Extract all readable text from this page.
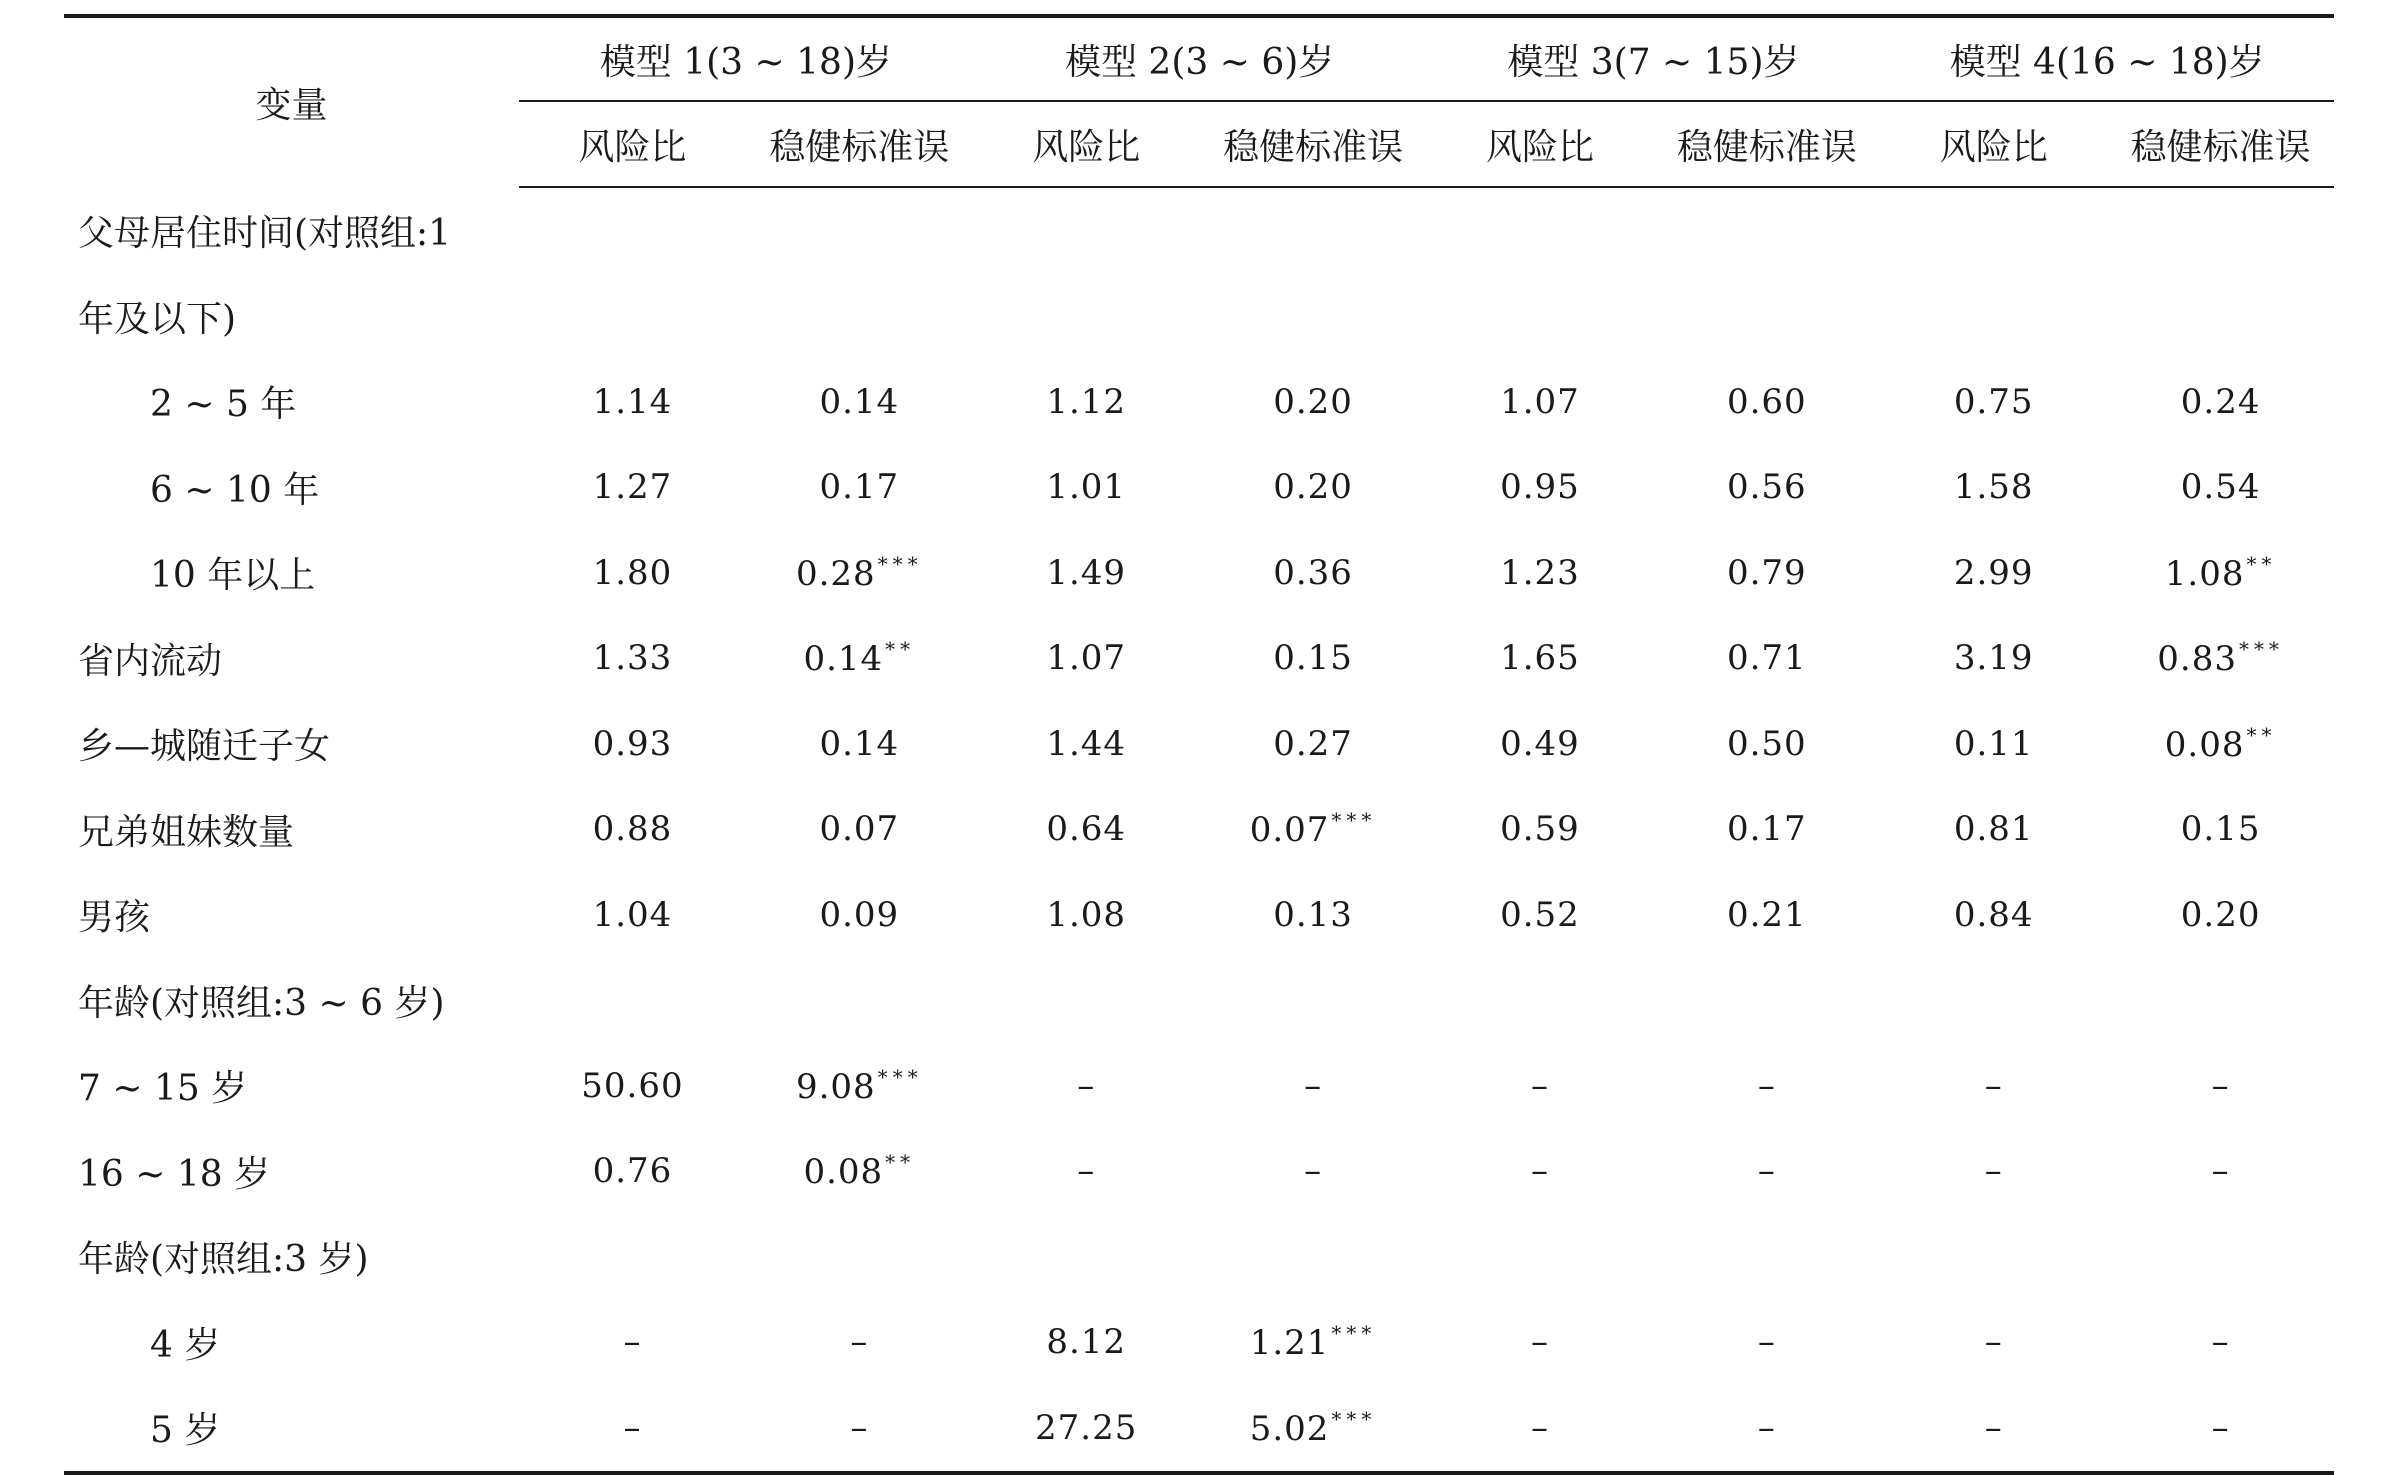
变量	模型 1(3 ~ 18)岁		模型 2(3 ~ 6)岁		模型 3(7 ~ 15)岁		模型 4(16 ~ 18)岁	
	风险比	稳健标准误	风险比	稳健标准误	风险比	稳健标准误	风险比	稳健标准误
父母居住时间(对照组:1								
年及以下)								
2 ~ 5 年	1.14	0.14	1.12	0.20	1.07	0.60	0.75	0.24
6 ~ 10 年	1.27	0.17	1.01	0.20	0.95	0.56	1.58	0.54
10 年以上	1.80	0.28 ***	1.49	0.36	1.23	0.79	2.99	1.08 **
省内流动	1.33	0.14 **	1.07	0.15	1.65	0.71	3.19	0.83 ***
乡—城随迁子女	0.93	0.14	1.44	0.27	0.49	0.50	0.11	0.08 **
兄弟姐妹数量	0.88	0.07	0.64	0.07 ***	0.59	0.17	0.81	0.15
男孩	1.04	0.09	1.08	0.13	0.52	0.21	0.84	0.20
年龄(对照组:3 ~ 6 岁)								
7 ~ 15 岁	50.60	9.08 ***	–	–	–	–	–	–
16 ~ 18 岁	0.76	0.08 **	–	–	–	–	–	–
年龄(对照组:3 岁)								
4 岁	–	–	8.12	1.21 ***	–	–	–	–
5 岁	–	–	27.25	5.02 ***	–	–	–	–
